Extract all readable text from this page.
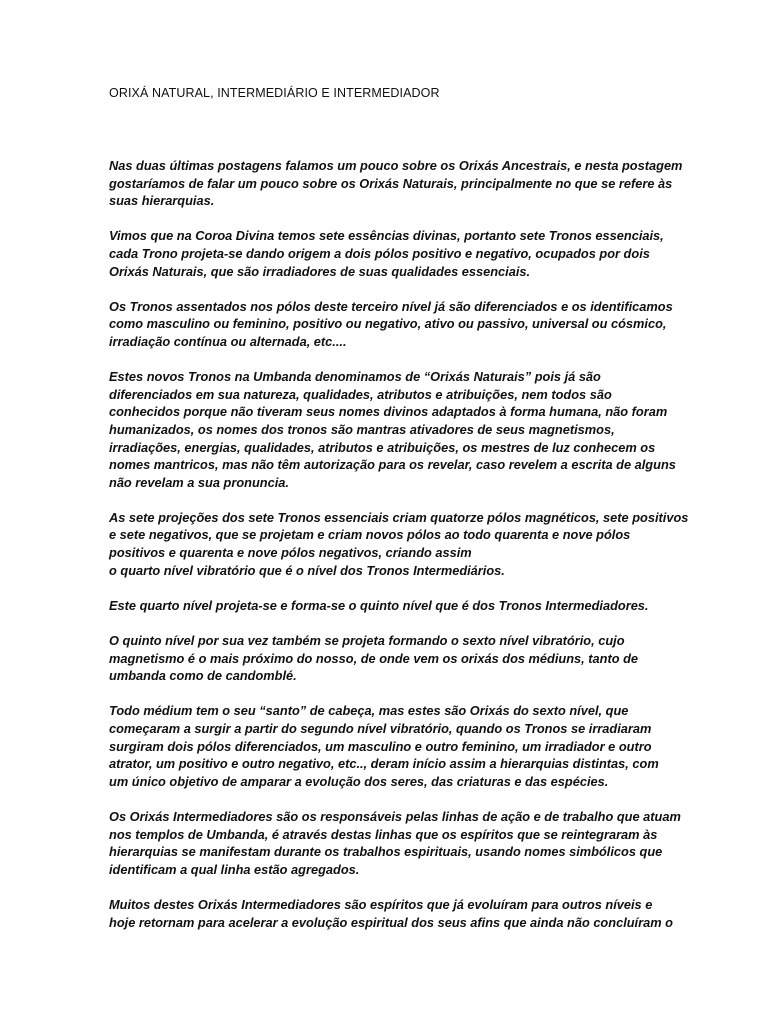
ORIXÁ NATURAL, INTERMEDIÁRIO E INTERMEDIADOR
Nas duas últimas postagens falamos um pouco sobre os Orixás Ancestrais, e nesta postagem
gostaríamos de falar um pouco sobre os Orixás Naturais, principalmente no que se refere às
suas hierarquias.
Vimos que na Coroa Divina temos sete essências divinas, portanto sete Tronos essenciais,
cada Trono projeta-se dando origem a dois pólos positivo e negativo, ocupados por dois
Orixás Naturais, que são irradiadores de suas qualidades essenciais.
Os Tronos assentados nos pólos deste terceiro nível já são diferenciados e os identificamos
como masculino ou feminino, positivo ou negativo, ativo ou passivo, universal ou cósmico,
irradiação contínua ou alternada, etc....
Estes novos Tronos na Umbanda denominamos de “Orixás Naturais” pois já são
diferenciados em sua natureza, qualidades, atributos e atribuições, nem todos são
conhecidos porque não tiveram seus nomes divinos adaptados à forma humana, não foram
humanizados, os nomes dos tronos são mantras ativadores de seus magnetismos,
irradiações, energias, qualidades, atributos e atribuições, os mestres de luz conhecem os
nomes mantricos, mas não têm autorização para os revelar, caso revelem a escrita de alguns
não revelam a sua pronuncia.
As sete projeções dos sete Tronos essenciais criam quatorze pólos magnéticos, sete positivos
e sete negativos, que se projetam e criam novos pólos ao todo quarenta e nove pólos
positivos e quarenta e nove pólos negativos, criando assim
o quarto nível vibratório que é o nível dos Tronos Intermediários.
Este quarto nível projeta-se e forma-se o quinto nível que é dos Tronos Intermediadores.
O quinto nível por sua vez também se projeta formando o sexto nível vibratório, cujo
magnetismo é o mais próximo do nosso, de onde vem os orixás dos médiuns, tanto de
umbanda como de candomblé.
Todo médium tem o seu “santo” de cabeça, mas estes são Orixás do sexto nível, que
começaram a surgir a partir do segundo nível vibratório, quando os Tronos se irradiaram
surgiram dois pólos diferenciados, um masculino e outro feminino, um irradiador e outro
atrator, um positivo e outro negativo, etc.., deram início assim a hierarquias distintas, com
um único objetivo de amparar a evolução dos seres, das criaturas e das espécies.
Os Orixás Intermediadores são os responsáveis pelas linhas de ação e de trabalho que atuam
nos templos de Umbanda, é através destas linhas que os espíritos que se reintegraram às
hierarquias se manifestam durante os trabalhos espirituais, usando nomes simbólicos que
identificam a qual linha estão agregados.
Muitos destes Orixás Intermediadores são espíritos que já evoluíram para outros níveis e
hoje retornam para acelerar a evolução espiritual dos seus afins que ainda não concluíram o
